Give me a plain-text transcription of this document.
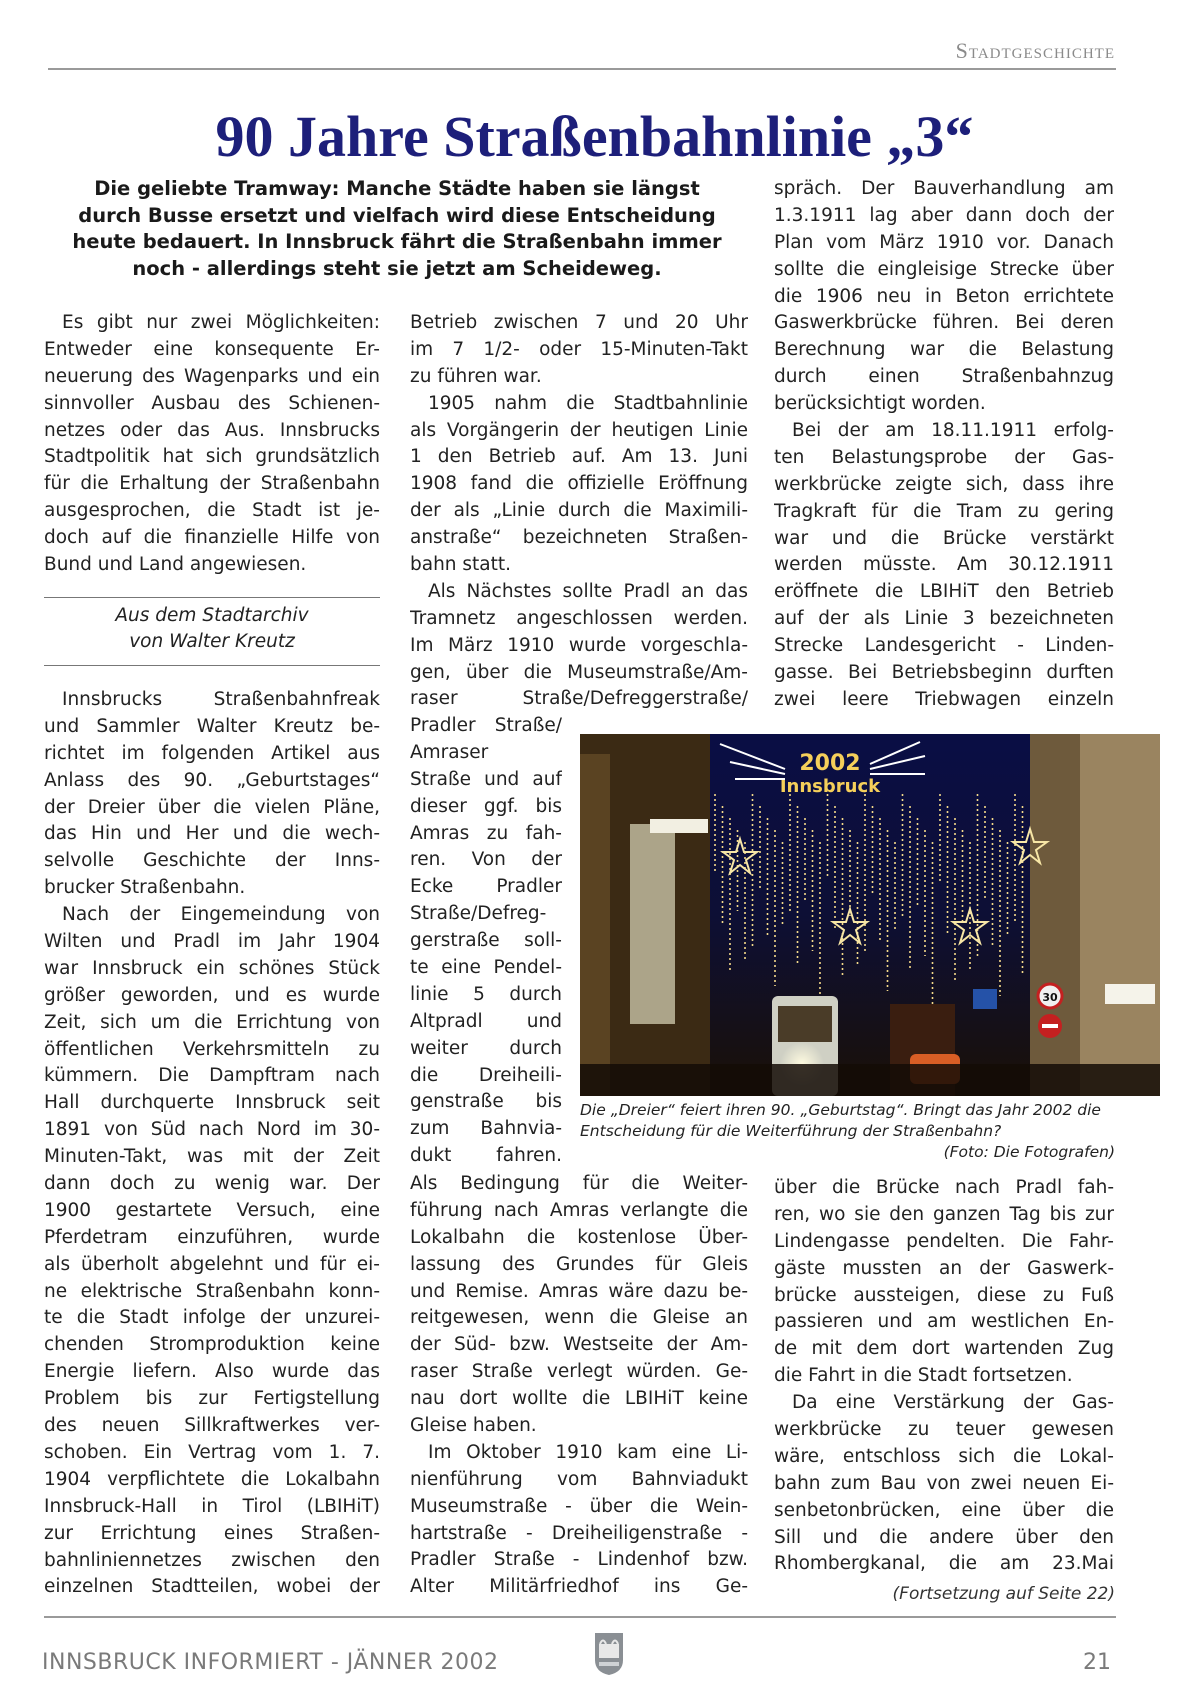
Stadtgeschichte
90 Jahre Straßenbahnlinie „3“
Die geliebte Tramway: Manche Städte haben sie längst
durch Busse ersetzt und vielfach wird diese Entscheidung
heute bedauert. In Innsbruck fährt die Straßenbahn immer
noch - allerdings steht sie jetzt am Scheideweg.
Es gibt nur zwei Möglichkeiten:
Entweder eine konsequente Er-
neuerung des Wagenparks und ein
sinnvoller Ausbau des Schienen-
netzes oder das Aus. Innsbrucks
Stadtpolitik hat sich grundsätzlich
für die Erhaltung der Straßenbahn
ausgesprochen, die Stadt ist je-
doch auf die finanzielle Hilfe von
Bund und Land angewiesen.
Aus dem Stadtarchiv
von Walter Kreutz
Innsbrucks Straßenbahnfreak
und Sammler Walter Kreutz be-
richtet im folgenden Artikel aus
Anlass des 90. „Geburtstages“
der Dreier über die vielen Pläne,
das Hin und Her und die wech-
selvolle Geschichte der Inns-
brucker Straßenbahn.
Nach der Eingemeindung von
Wilten und Pradl im Jahr 1904
war Innsbruck ein schönes Stück
größer geworden, und es wurde
Zeit, sich um die Errichtung von
öffentlichen Verkehrsmitteln zu
kümmern. Die Dampftram nach
Hall durchquerte Innsbruck seit
1891 von Süd nach Nord im 30-
Minuten-Takt, was mit der Zeit
dann doch zu wenig war. Der
1900 gestartete Versuch, eine
Pferdetram einzuführen, wurde
als überholt abgelehnt und für ei-
ne elektrische Straßenbahn konn-
te die Stadt infolge der unzurei-
chenden Stromproduktion keine
Energie liefern. Also wurde das
Problem bis zur Fertigstellung
des neuen Sillkraftwerkes ver-
schoben. Ein Vertrag vom 1. 7.
1904 verpflichtete die Lokalbahn
Innsbruck-Hall in Tirol (LBIHiT)
zur Errichtung eines Straßen-
bahnliniennetzes zwischen den
einzelnen Stadtteilen, wobei der
Betrieb zwischen 7 und 20 Uhr
im 7 1/2- oder 15-Minuten-Takt
zu führen war.
1905 nahm die Stadtbahnlinie
als Vorgängerin der heutigen Linie
1 den Betrieb auf. Am 13. Juni
1908 fand die offizielle Eröffnung
der als „Linie durch die Maximili-
anstraße“ bezeichneten Straßen-
bahn statt.
Als Nächstes sollte Pradl an das
Tramnetz angeschlossen werden.
Im März 1910 wurde vorgeschla-
gen, über die Museumstraße/Am-
raser Straße/Defreggerstraße/
Pradler Straße/
Amraser
Straße und auf
dieser ggf. bis
Amras zu fah-
ren. Von der
Ecke Pradler
Straße/Defreg-
gerstraße soll-
te eine Pendel-
linie 5 durch
Altpradl und
weiter durch
die Dreiheili-
genstraße bis
zum Bahnvia-
dukt fahren.
Als Bedingung für die Weiter-
führung nach Amras verlangte die
Lokalbahn die kostenlose Über-
lassung des Grundes für Gleis
und Remise. Amras wäre dazu be-
reitgewesen, wenn die Gleise an
der Süd- bzw. Westseite der Am-
raser Straße verlegt würden. Ge-
nau dort wollte die LBIHiT keine
Gleise haben.
Im Oktober 1910 kam eine Li-
nienführung vom Bahnviadukt
Museumstraße - über die Wein-
hartstraße - Dreiheiligenstraße -
Pradler Straße - Lindenhof bzw.
Alter Militärfriedhof ins Ge-
spräch. Der Bauverhandlung am
1.3.1911 lag aber dann doch der
Plan vom März 1910 vor. Danach
sollte die eingleisige Strecke über
die 1906 neu in Beton errichtete
Gaswerkbrücke führen. Bei deren
Berechnung war die Belastung
durch einen Straßenbahnzug
berücksichtigt worden.
Bei der am 18.11.1911 erfolg-
ten Belastungsprobe der Gas-
werkbrücke zeigte sich, dass ihre
Tragkraft für die Tram zu gering
war und die Brücke verstärkt
werden müsste. Am 30.12.1911
eröffnete die LBIHiT den Betrieb
auf der als Linie 3 bezeichneten
Strecke Landesgericht - Linden-
gasse. Bei Betriebsbeginn durften
zwei leere Triebwagen einzeln
2002
Innsbruck
30
Die „Dreier“ feiert ihren 90. „Geburtstag“. Bringt das Jahr 2002 die
Entscheidung für die Weiterführung der Straßenbahn?
(Foto: Die Fotografen)
über die Brücke nach Pradl fah-
ren, wo sie den ganzen Tag bis zur
Lindengasse pendelten. Die Fahr-
gäste mussten an der Gaswerk-
brücke aussteigen, diese zu Fuß
passieren und am westlichen En-
de mit dem dort wartenden Zug
die Fahrt in die Stadt fortsetzen.
Da eine Verstärkung der Gas-
werkbrücke zu teuer gewesen
wäre, entschloss sich die Lokal-
bahn zum Bau von zwei neuen Ei-
senbetonbrücken, eine über die
Sill und die andere über den
Rhombergkanal, die am 23.Mai
(Fortsetzung auf Seite 22)
INNSBRUCK INFORMIERT - JÄNNER 2002	21
